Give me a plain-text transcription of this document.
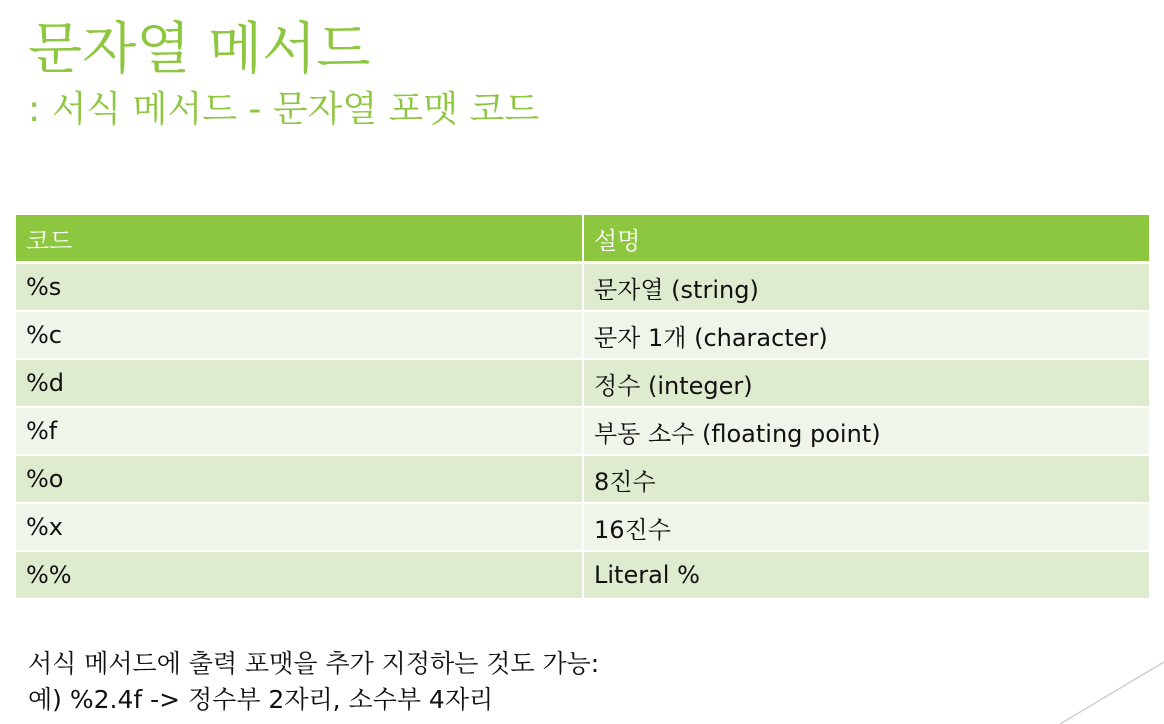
문자열 메서드
: 서식 메서드 - 문자열 포맷 코드
코드	설명
%s	문자열 (string)
%c	문자 1개 (character)
%d	정수 (integer)
%f	부동 소수 (floating point)
%o	8진수
%x	16진수
%%	Literal %

서식 메서드에 출력 포맷을 추가 지정하는 것도 가능:

예) %2.4f -> 정수부 2자리, 소수부 4자리
